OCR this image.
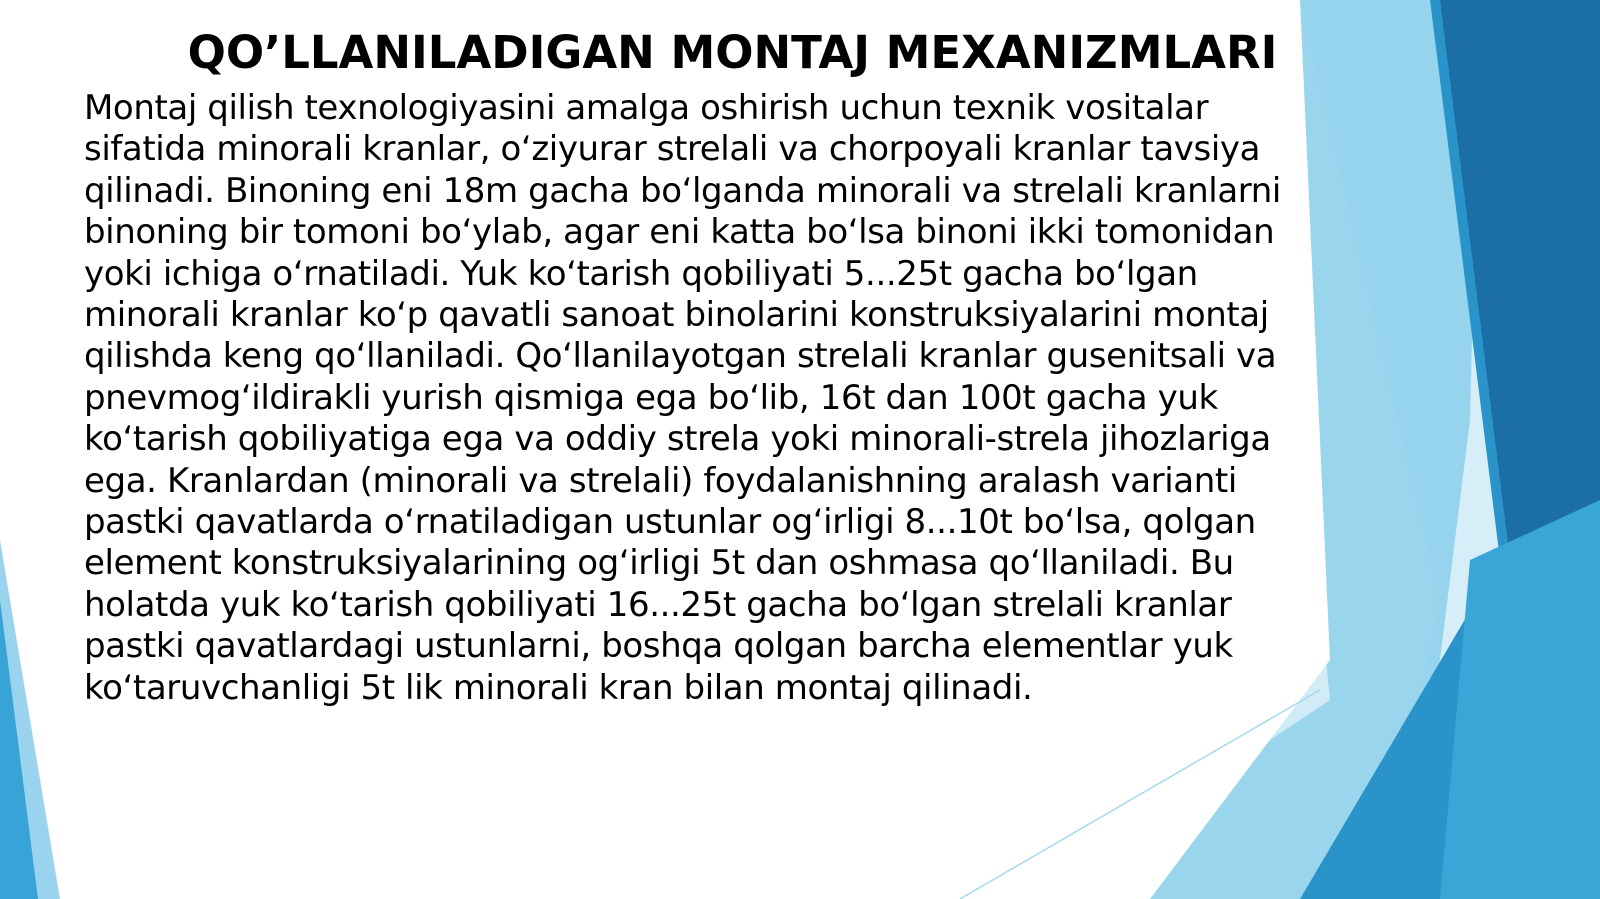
QO’LLANILADIGAN MONTAJ MEXANIZMLARI

Montaj qilish texnologiyasini amalga oshirish uchun texnik vositalar
sifatida minorali kranlar, oʻziyurar strelali va chorpoyali kranlar tavsiya
qilinadi. Binoning eni 18m gacha boʻlganda minorali va strelali kranlarni
binoning bir tomoni boʻylab, agar eni katta boʻlsa binoni ikki tomonidan
yoki ichiga oʻrnatiladi. Yuk koʻtarish qobiliyati 5...25t gacha boʻlgan
minorali kranlar koʻp qavatli sanoat binolarini konstruksiyalarini montaj
qilishda keng qoʻllaniladi. Qoʻllanilayotgan strelali kranlar gusenitsali va
pnevmogʻildirakli yurish qismiga ega boʻlib, 16t dan 100t gacha yuk
koʻtarish qobiliyatiga ega va oddiy strela yoki minorali-strela jihozlariga
ega. Kranlardan (minorali va strelali) foydalanishning aralash varianti
pastki qavatlarda oʻrnatiladigan ustunlar ogʻirligi 8...10t boʻlsa, qolgan
element konstruksiyalarining ogʻirligi 5t dan oshmasa qoʻllaniladi. Bu
holatda yuk koʻtarish qobiliyati 16...25t gacha boʻlgan strelali kranlar
pastki qavatlardagi ustunlarni, boshqa qolgan barcha elementlar yuk
koʻtaruvchanligi 5t lik minorali kran bilan montaj qilinadi.
